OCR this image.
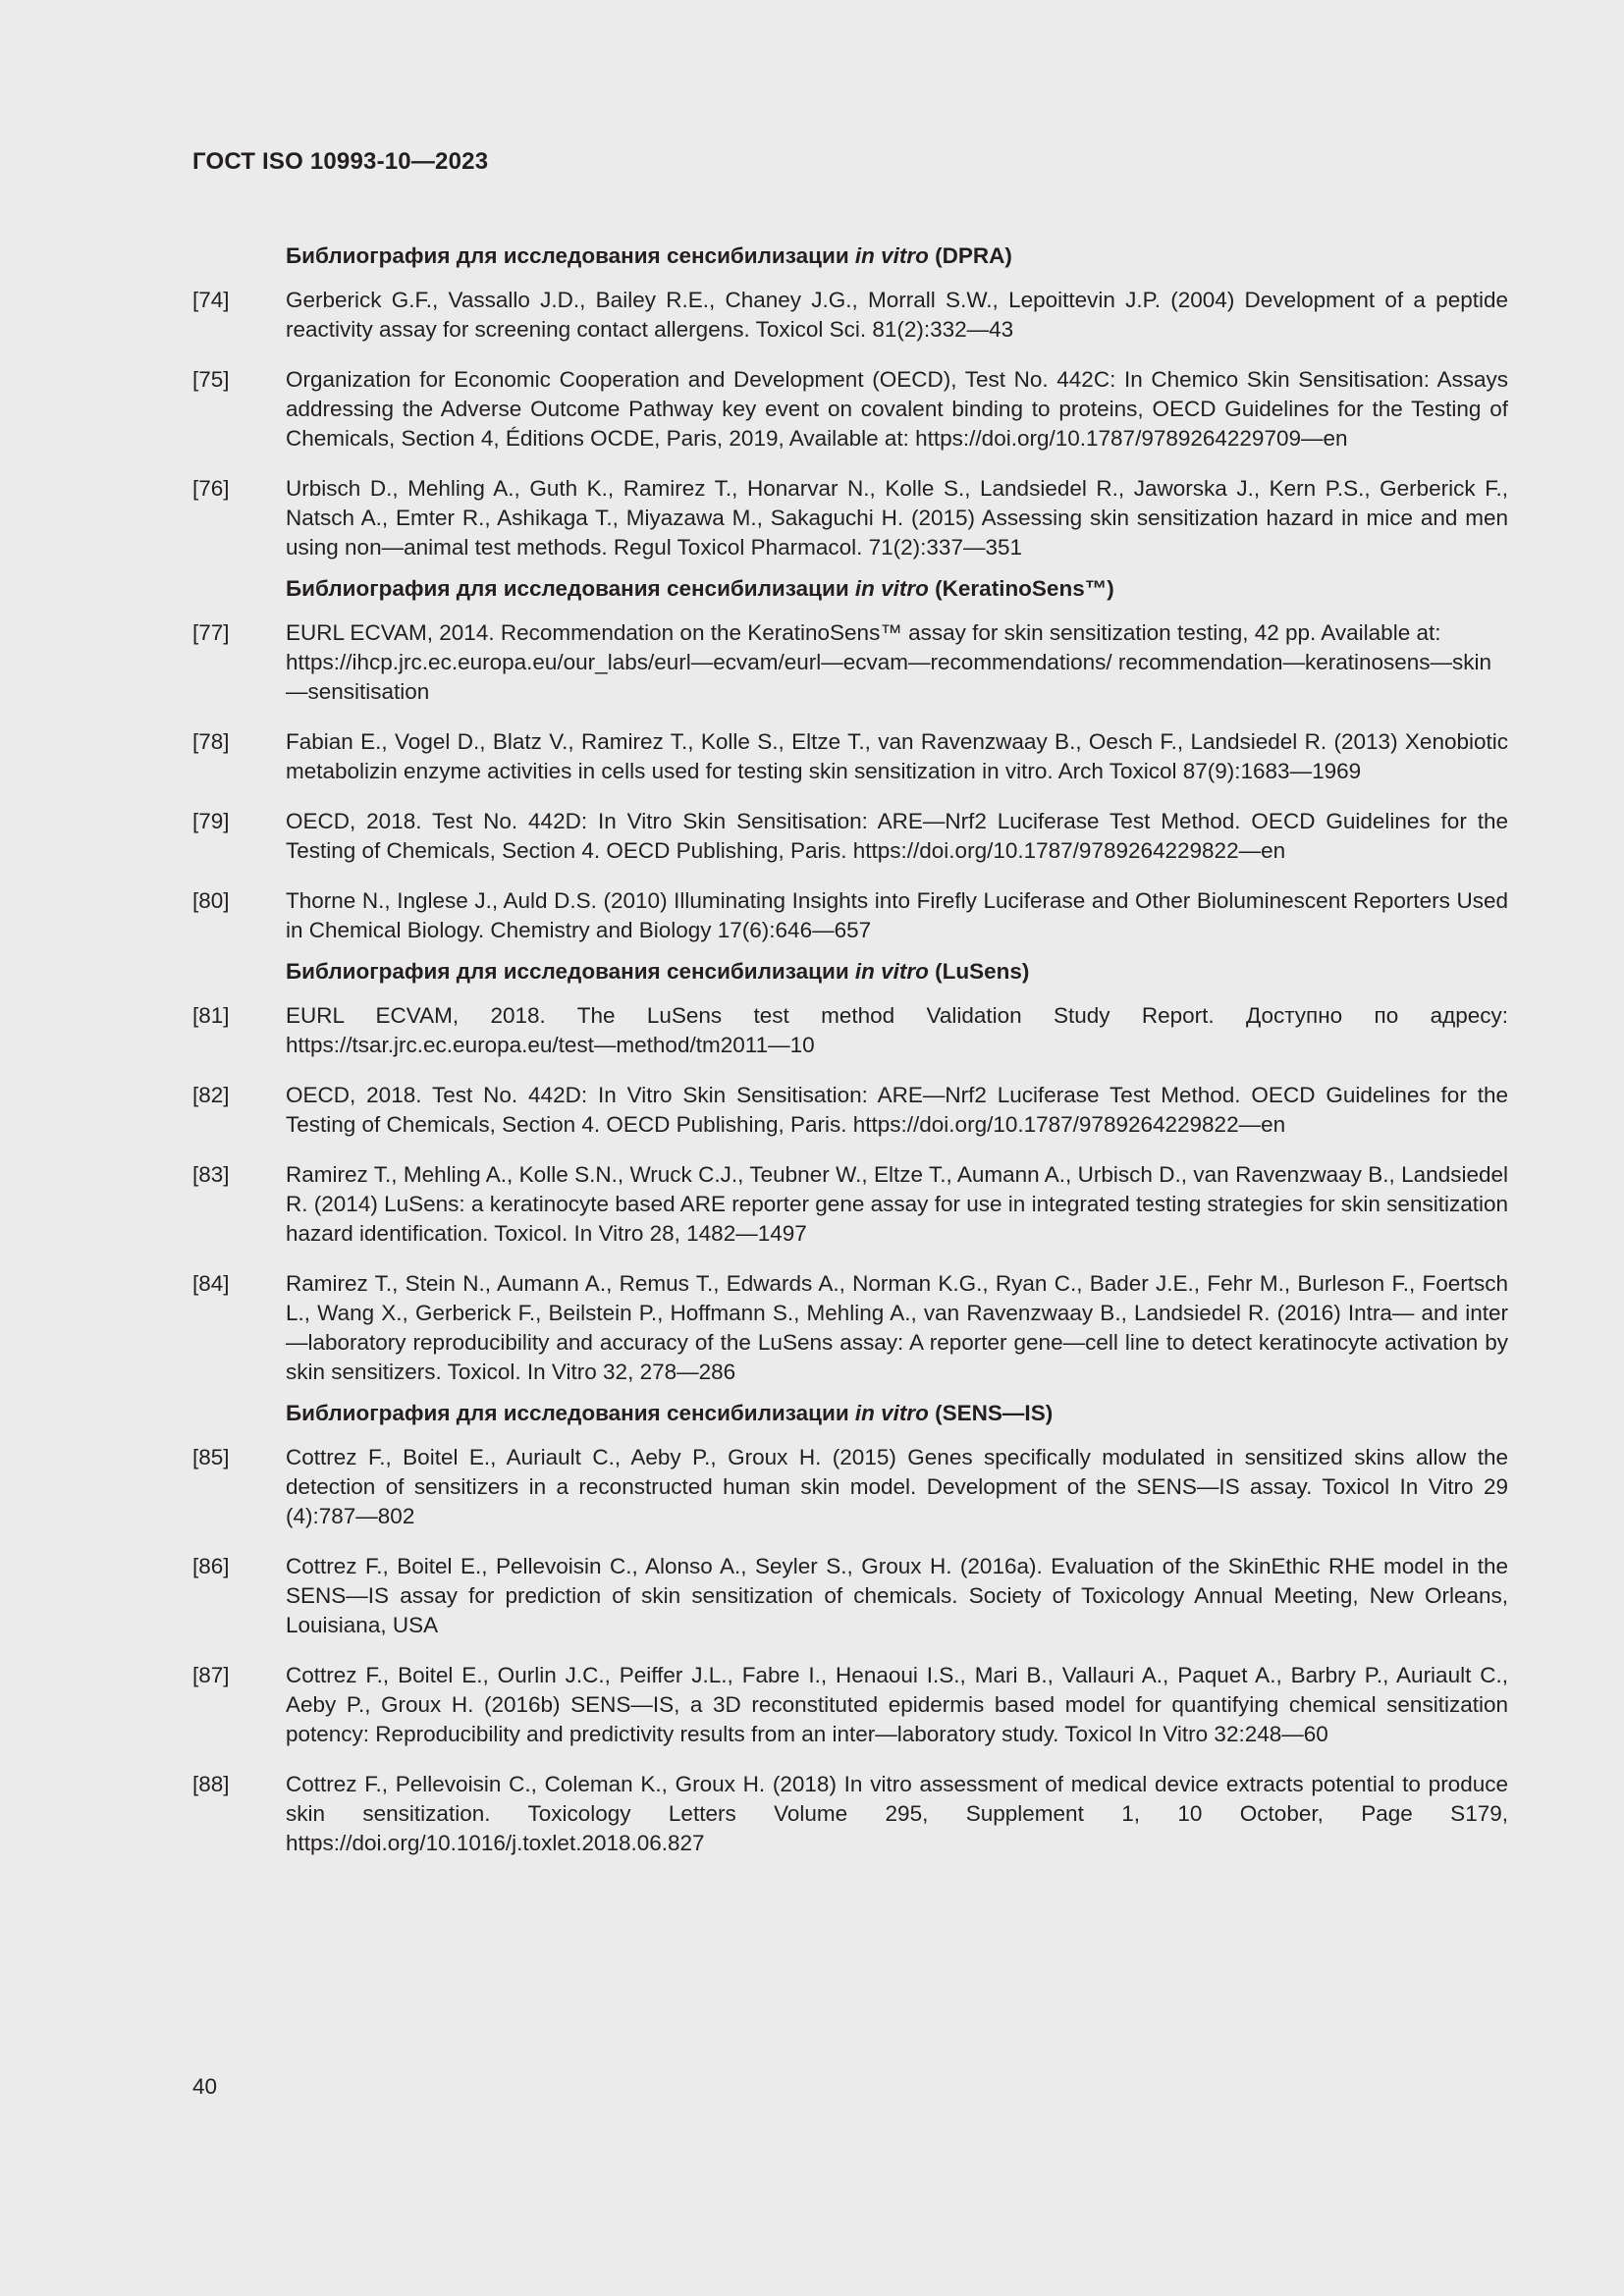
ГОСТ ISO 10993-10—2023
Библиография для исследования сенсибилизации in vitro (DPRA)
[74]	Gerberick G.F., Vassallo J.D., Bailey R.E., Chaney J.G., Morrall S.W., Lepoittevin J.P. (2004) Development of a peptide reactivity assay for screening contact allergens. Toxicol Sci. 81(2):332—43
[75]	Organization for Economic Cooperation and Development (OECD), Test No. 442C: In Chemico Skin Sensitisation: Assays addressing the Adverse Outcome Pathway key event on covalent binding to proteins, OECD Guidelines for the Testing of Chemicals, Section 4, Éditions OCDE, Paris, 2019, Available at: https://doi.org/10.1787/9789264229709—en
[76]	Urbisch D., Mehling A., Guth K., Ramirez T., Honarvar N., Kolle S., Landsiedel R., Jaworska J., Kern P.S., Gerberick F., Natsch A., Emter R., Ashikaga T., Miyazawa M., Sakaguchi H. (2015) Assessing skin sensitization hazard in mice and men using non—animal test methods. Regul Toxicol Pharmacol. 71(2):337—351
Библиография для исследования сенсибилизации in vitro (KeratinoSens™)
[77]	EURL ECVAM, 2014. Recommendation on the KeratinoSens™ assay for skin sensitization testing, 42 pp. Available at: https://ihcp.jrc.ec.europa.eu/our_labs/eurl—ecvam/eurl—ecvam—recommendations/ recommendation—keratinosens—skin—sensitisation
[78]	Fabian E., Vogel D., Blatz V., Ramirez T., Kolle S., Eltze T., van Ravenzwaay B., Oesch F., Landsiedel R. (2013) Xenobiotic metabolizin enzyme activities in cells used for testing skin sensitization in vitro. Arch Toxicol 87(9):1683—1969
[79]	OECD, 2018. Test No. 442D: In Vitro Skin Sensitisation: ARE—Nrf2 Luciferase Test Method. OECD Guidelines for the Testing of Chemicals, Section 4. OECD Publishing, Paris. https://doi.org/10.1787/9789264229822—en
[80]	Thorne N., Inglese J., Auld D.S. (2010) Illuminating Insights into Firefly Luciferase and Other Bioluminescent Reporters Used in Chemical Biology. Chemistry and Biology 17(6):646—657
Библиография для исследования сенсибилизации in vitro (LuSens)
[81]	EURL ECVAM, 2018. The LuSens test method Validation Study Report. Доступно по адресу: https://tsar.jrc.ec.europa.eu/test—method/tm2011—10
[82]	OECD, 2018. Test No. 442D: In Vitro Skin Sensitisation: ARE—Nrf2 Luciferase Test Method. OECD Guidelines for the Testing of Chemicals, Section 4. OECD Publishing, Paris. https://doi.org/10.1787/9789264229822—en
[83]	Ramirez T., Mehling A., Kolle S.N., Wruck C.J., Teubner W., Eltze T., Aumann A., Urbisch D., van Ravenzwaay B., Landsiedel R. (2014) LuSens: a keratinocyte based ARE reporter gene assay for use in integrated testing strategies for skin sensitization hazard identification. Toxicol. In Vitro 28, 1482—1497
[84]	Ramirez T., Stein N., Aumann A., Remus T., Edwards A., Norman K.G., Ryan C., Bader J.E., Fehr M., Burleson F., Foertsch L., Wang X., Gerberick F., Beilstein P., Hoffmann S., Mehling A., van Ravenzwaay B., Landsiedel R. (2016) Intra— and inter—laboratory reproducibility and accuracy of the LuSens assay: A reporter gene—cell line to detect keratinocyte activation by skin sensitizers. Toxicol. In Vitro 32, 278—286
Библиография для исследования сенсибилизации in vitro (SENS—IS)
[85]	Cottrez F., Boitel E., Auriault C., Aeby P., Groux H. (2015) Genes specifically modulated in sensitized skins allow the detection of sensitizers in a reconstructed human skin model. Development of the SENS—IS assay. Toxicol In Vitro 29 (4):787—802
[86]	Cottrez F., Boitel E., Pellevoisin C., Alonso A., Seyler S., Groux H. (2016a). Evaluation of the SkinEthic RHE model in the SENS—IS assay for prediction of skin sensitization of chemicals. Society of Toxicology Annual Meeting, New Orleans, Louisiana, USA
[87]	Cottrez F., Boitel E., Ourlin J.C., Peiffer J.L., Fabre I., Henaoui I.S., Mari B., Vallauri A., Paquet A., Barbry P., Auriault C., Aeby P., Groux H. (2016b) SENS—IS, a 3D reconstituted epidermis based model for quantifying chemical sensitization potency: Reproducibility and predictivity results from an inter—laboratory study. Toxicol In Vitro 32:248—60
[88]	Cottrez F., Pellevoisin C., Coleman K., Groux H. (2018) In vitro assessment of medical device extracts potential to produce skin sensitization. Toxicology Letters Volume 295, Supplement 1, 10 October, Page S179, https://doi.org/10.1016/j.toxlet.2018.06.827
40
